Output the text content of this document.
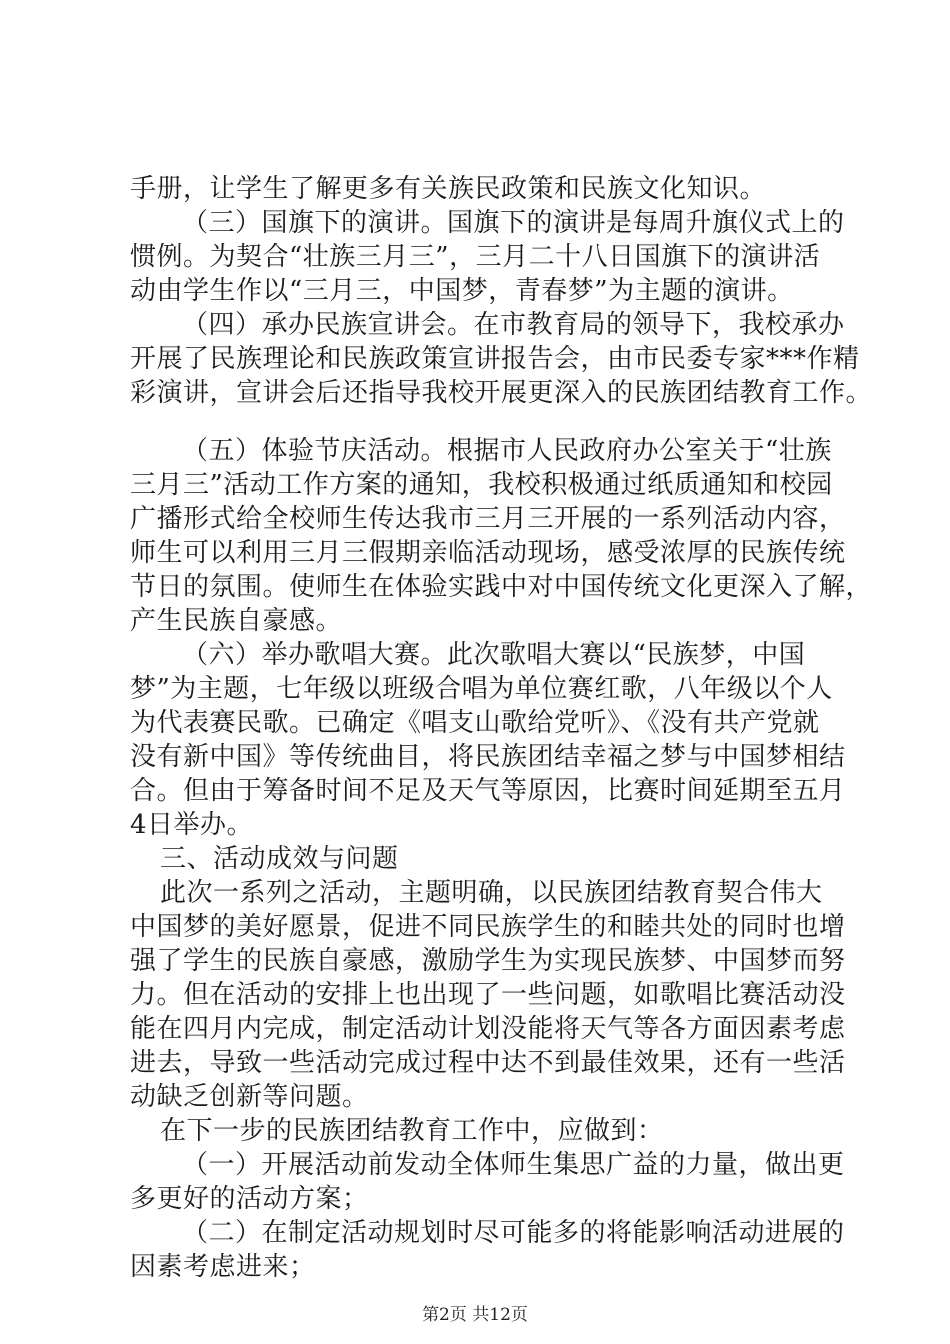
手册，让学生了解更多有关族民政策和民族文化知识。
（三）国旗下的演讲。国旗下的演讲是每周升旗仪式上的
惯例。为契合“壮族三月三”，三月二十八日国旗下的演讲活
动由学生作以“三月三，中国梦，青春梦”为主题的演讲。
（四）承办民族宣讲会。在市教育局的领导下，我校承办
开展了民族理论和民族政策宣讲报告会，由市民委专家***作精
彩演讲，宣讲会后还指导我校开展更深入的民族团结教育工作。
（五）体验节庆活动。根据市人民政府办公室关于“壮族
三月三”活动工作方案的通知，我校积极通过纸质通知和校园
广播形式给全校师生传达我市三月三开展的一系列活动内容，
师生可以利用三月三假期亲临活动现场，感受浓厚的民族传统
节日的氛围。使师生在体验实践中对中国传统文化更深入了解，
产生民族自豪感。
（六）举办歌唱大赛。此次歌唱大赛以“民族梦，中国
梦”为主题，七年级以班级合唱为单位赛红歌，八年级以个人
为代表赛民歌。已确定《唱支山歌给党听》、《没有共产党就
没有新中国》等传统曲目，将民族团结幸福之梦与中国梦相结
合。但由于筹备时间不足及天气等原因，比赛时间延期至五月
4日举办。
三、活动成效与问题
此次一系列之活动，主题明确，以民族团结教育契合伟大
中国梦的美好愿景，促进不同民族学生的和睦共处的同时也增
强了学生的民族自豪感，激励学生为实现民族梦、中国梦而努
力。但在活动的安排上也出现了一些问题，如歌唱比赛活动没
能在四月内完成，制定活动计划没能将天气等各方面因素考虑
进去，导致一些活动完成过程中达不到最佳效果，还有一些活
动缺乏创新等问题。
在下一步的民族团结教育工作中，应做到：
（一）开展活动前发动全体师生集思广益的力量，做出更
多更好的活动方案；
（二）在制定活动规划时尽可能多的将能影响活动进展的
因素考虑进来；
第2页 共12页
